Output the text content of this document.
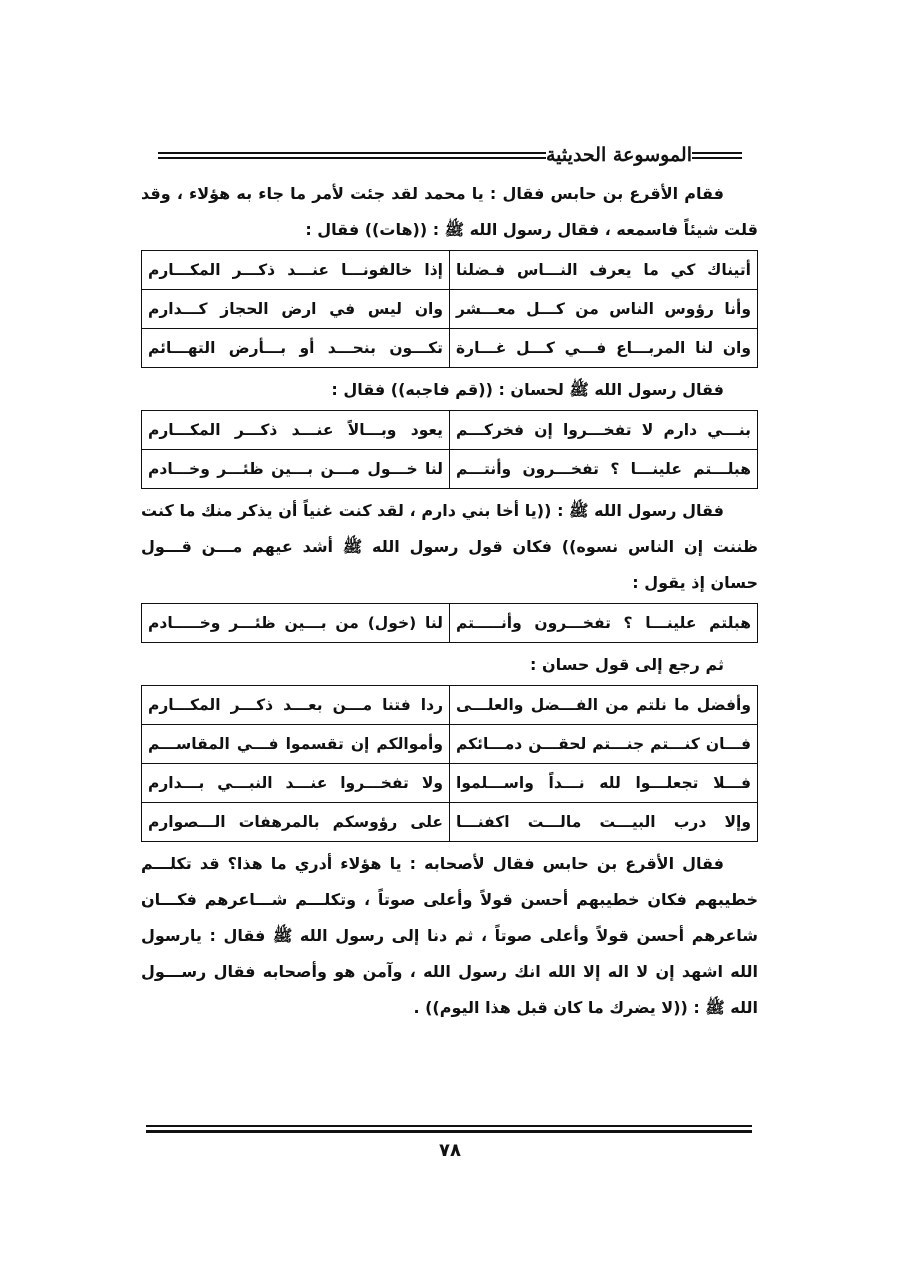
الموسوعة الحديثية

فقام الأقرع بن حابس فقال : يا محمد لقد جئت لأمر ما جاء به هؤلاء ، وقد قلت شيئاً فاسمعه ، فقال رسول الله ﷺ : ((هات)) فقال :

أتيناك كي ما يعرف النـــاس فـضلنا	إذا خالفونـــا عنـــد ذكـــر المكـــارم
وأنا رؤوس الناس من كـــل معـــشر	وان ليس في ارض الحجاز كـــدارم
وان لنا المربـــاع فـــي كـــل غـــارة	تكـــون بنحـــد أو بـــأرض التهـــائم

فقال رسول الله ﷺ لحسان : ((قم فاجبه)) فقال :

بنـــي دارم لا تفخـــروا إن فخركـــم	يعود وبـــالاً عنـــد ذكـــر المكـــارم
هبلـــتم علينـــا ؟ تفخـــرون وأنتـــم	لنا خـــول مـــن بـــين ظئـــر وخـــادم

فقال رسول الله ﷺ : ((يا أخا بني دارم ، لقد كنت غنياً أن يذكر منك ما كنت ظننت إن الناس نسوه)) فكان قول رسول الله ﷺ أشد عيهم مـــن قـــول حسان إذ يقول :

هبلتم علينـــا ؟ تفخـــرون وأنـــــتم	لنا (خول) من بـــين ظئـــر وخـــــادم

ثم رجع إلى قول حسان :

وأفضل ما نلتم من الفـــضل والعلـــى	ردا فتنا مـــن بعـــد ذكـــر المكـــارم
فـــان كنـــتم جنـــتم لحقـــن دمـــائكم	وأموالكم إن تقسموا فـــي المقاســـم
فـــلا تجعلـــوا لله نـــداً واســـلموا	ولا تفخـــروا عنـــد النبـــي بـــدارم
وإلا درب البيـــت مالـــت اكفنـــا	على رؤوسكم بالمرهفات الـــصوارم

فقال الأقرع بن حابس فقال لأصحابه : يا هؤلاء أدري ما هذا؟ قد تكلـــم خطيبهم فكان خطيبهم أحسن قولاً وأعلى صوتاً ، وتكلـــم شـــاعرهم فكـــان شاعرهم أحسن قولاً وأعلى صوتاً ، ثم دنا إلى رسول الله ﷺ فقال : يارسول الله اشهد إن لا اله إلا الله انك رسول الله ، وآمن هو وأصحابه فقال رســـول الله ﷺ : ((لا يضرك ما كان قبل هذا اليوم)) .

٧٨
